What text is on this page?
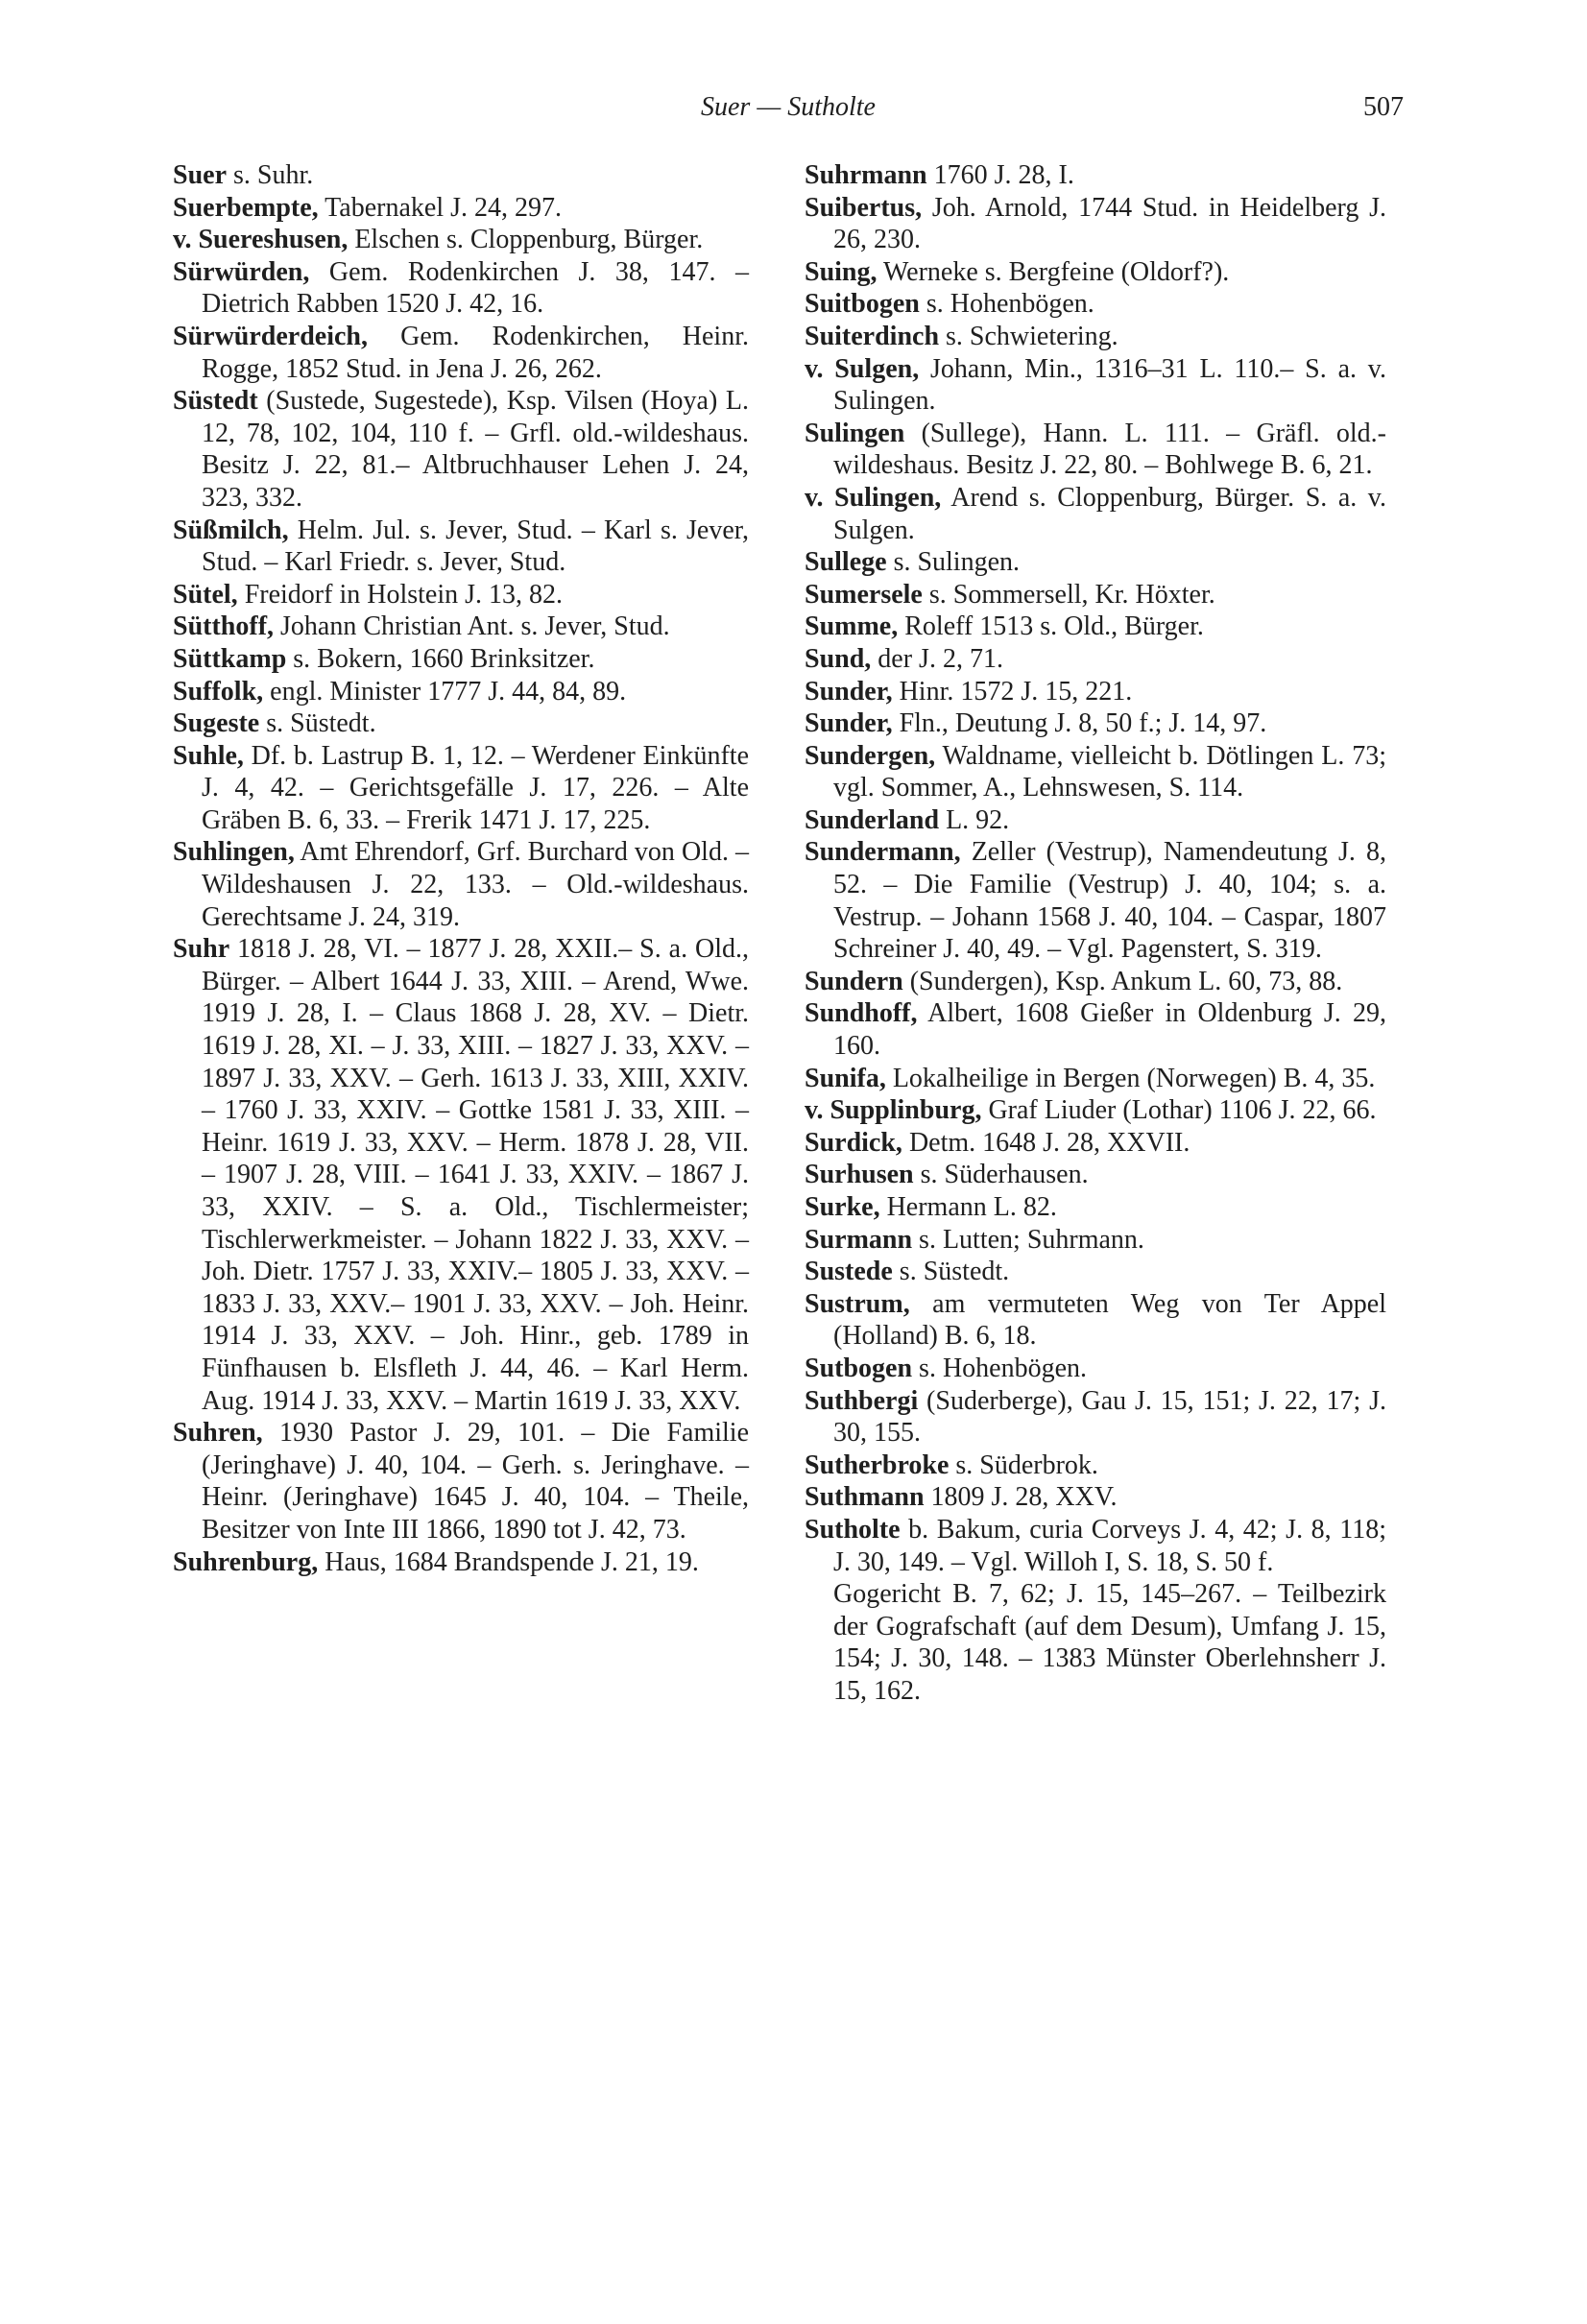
Suer — Sutholte	507

Suer s. Suhr.

Suerbempte, Tabernakel J. 24, 297.

v. Suereshusen, Elschen s. Cloppenburg, Bürger.

Sürwürden, Gem. Rodenkirchen J. 38, 147. – Dietrich Rabben 1520 J. 42, 16.

Sürwürderdeich, Gem. Rodenkirchen, Heinr. Rogge, 1852 Stud. in Jena J. 26, 262.

Süstedt (Sustede, Sugestede), Ksp. Vilsen (Hoya) L. 12, 78, 102, 104, 110 f. – Grfl. old.-wildeshaus. Besitz J. 22, 81.– Altbruchhauser Lehen J. 24, 323, 332.

Süßmilch, Helm. Jul. s. Jever, Stud. – Karl s. Jever, Stud. – Karl Friedr. s. Jever, Stud.

Sütel, Freidorf in Holstein J. 13, 82.

Sütthoff, Johann Christian Ant. s. Jever, Stud.

Süttkamp s. Bokern, 1660 Brinksitzer.

Suffolk, engl. Minister 1777 J. 44, 84, 89.

Sugeste s. Süstedt.

Suhle, Df. b. Lastrup B. 1, 12. – Werdener Einkünfte J. 4, 42. – Gerichtsgefälle J. 17, 226. – Alte Gräben B. 6, 33. – Frerik 1471 J. 17, 225.

Suhlingen, Amt Ehrendorf, Grf. Burchard von Old. – Wildeshausen J. 22, 133. – Old.-wildeshaus. Gerechtsame J. 24, 319.

Suhr 1818 J. 28, VI. – 1877 J. 28, XXII.– S. a. Old., Bürger. – Albert 1644 J. 33, XIII. – Arend, Wwe. 1919 J. 28, I. – Claus 1868 J. 28, XV. – Dietr. 1619 J. 28, XI. – J. 33, XIII. – 1827 J. 33, XXV. – 1897 J. 33, XXV. – Gerh. 1613 J. 33, XIII, XXIV. – 1760 J. 33, XXIV. – Gottke 1581 J. 33, XIII. – Heinr. 1619 J. 33, XXV. – Herm. 1878 J. 28, VII. – 1907 J. 28, VIII. – 1641 J. 33, XXIV. – 1867 J. 33, XXIV. – S. a. Old., Tischlermeister; Tischlerwerkmeister. – Johann 1822 J. 33, XXV. – Joh. Dietr. 1757 J. 33, XXIV.– 1805 J. 33, XXV. – 1833 J. 33, XXV.– 1901 J. 33, XXV. – Joh. Heinr. 1914 J. 33, XXV. – Joh. Hinr., geb. 1789 in Fünfhausen b. Elsfleth J. 44, 46. – Karl Herm. Aug. 1914 J. 33, XXV. – Martin 1619 J. 33, XXV.

Suhren, 1930 Pastor J. 29, 101. – Die Familie (Jeringhave) J. 40, 104. – Gerh. s. Jeringhave. – Heinr. (Jeringhave) 1645 J. 40, 104. – Theile, Besitzer von Inte III 1866, 1890 tot J. 42, 73.

Suhrenburg, Haus, 1684 Brandspende J. 21, 19.

Suhrmann 1760 J. 28, I.

Suibertus, Joh. Arnold, 1744 Stud. in Heidelberg J. 26, 230.

Suing, Werneke s. Bergfeine (Oldorf?).

Suitbogen s. Hohenbögen.

Suiterdinch s. Schwietering.

v. Sulgen, Johann, Min., 1316–31 L. 110.– S. a. v. Sulingen.

Sulingen (Sullege), Hann. L. 111. – Gräfl. old.-wildeshaus. Besitz J. 22, 80. – Bohlwege B. 6, 21.

v. Sulingen, Arend s. Cloppenburg, Bürger. S. a. v. Sulgen.

Sullege s. Sulingen.

Sumersele s. Sommersell, Kr. Höxter.

Summe, Roleff 1513 s. Old., Bürger.

Sund, der J. 2, 71.

Sunder, Hinr. 1572 J. 15, 221.

Sunder, Fln., Deutung J. 8, 50 f.; J. 14, 97.

Sundergen, Waldname, vielleicht b. Dötlingen L. 73; vgl. Sommer, A., Lehnswesen, S. 114.

Sunderland L. 92.

Sundermann, Zeller (Vestrup), Namendeutung J. 8, 52. – Die Familie (Vestrup) J. 40, 104; s. a. Vestrup. – Johann 1568 J. 40, 104. – Caspar, 1807 Schreiner J. 40, 49. – Vgl. Pagenstert, S. 319.

Sundern (Sundergen), Ksp. Ankum L. 60, 73, 88.

Sundhoff, Albert, 1608 Gießer in Oldenburg J. 29, 160.

Sunifa, Lokalheilige in Bergen (Norwegen) B. 4, 35.

v. Supplinburg, Graf Liuder (Lothar) 1106 J. 22, 66.

Surdick, Detm. 1648 J. 28, XXVII.

Surhusen s. Süderhausen.

Surke, Hermann L. 82.

Surmann s. Lutten; Suhrmann.

Sustede s. Süstedt.

Sustrum, am vermuteten Weg von Ter Appel (Holland) B. 6, 18.

Sutbogen s. Hohenbögen.

Suthbergi (Suderberge), Gau J. 15, 151; J. 22, 17; J. 30, 155.

Sutherbroke s. Süderbrok.

Suthmann 1809 J. 28, XXV.

Sutholte b. Bakum, curia Corveys J. 4, 42; J. 8, 118; J. 30, 149. – Vgl. Willoh I, S. 18, S. 50 f.

Gogericht B. 7, 62; J. 15, 145–267. – Teilbezirk der Gografschaft (auf dem Desum), Umfang J. 15, 154; J. 30, 148. – 1383 Münster Oberlehnsherr J. 15, 162.
